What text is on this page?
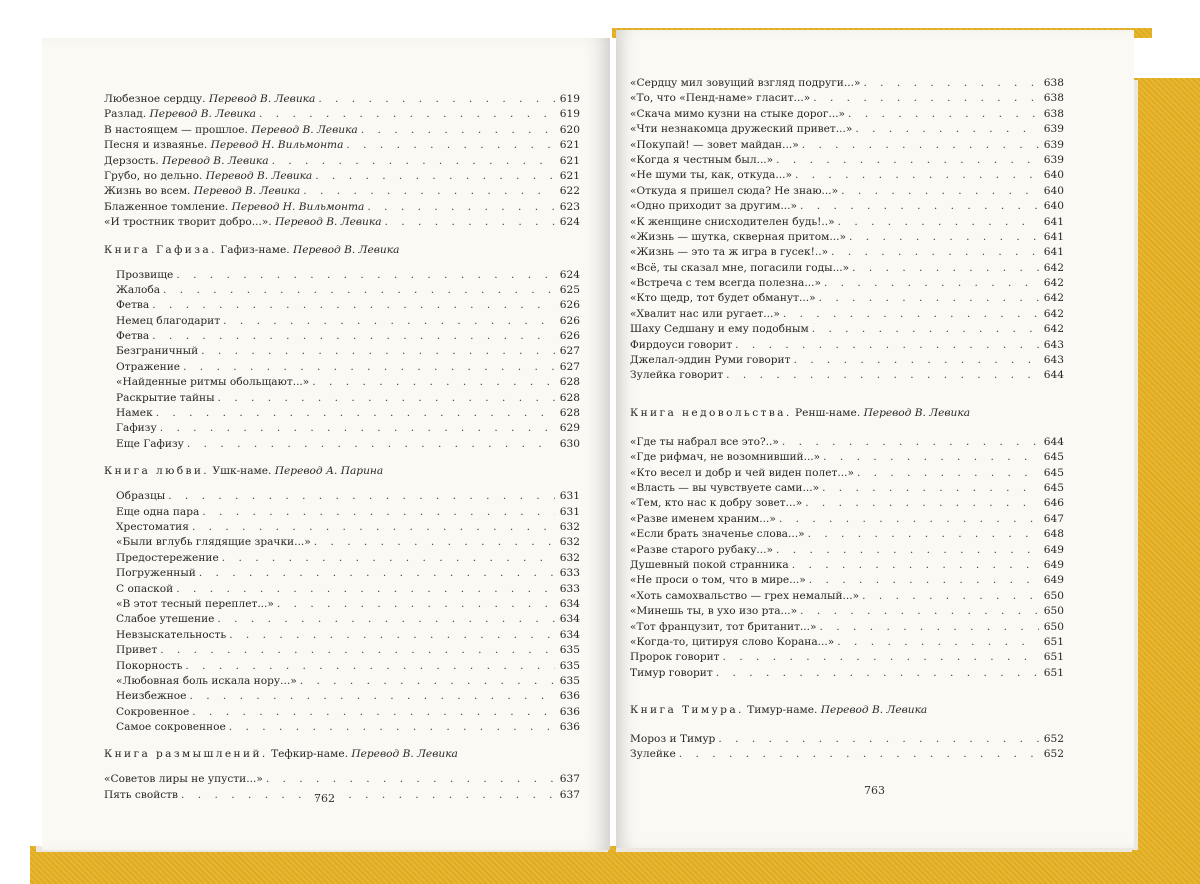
Любезное сердцу. Перевод В. Левика . . .	619
Разлад. Перевод В. Левика . . .	619
В настоящем — прошлое. Перевод В. Левика . . .	620
Песня и изваянье. Перевод Н. Вильмонта . . .	621
Дерзость. Перевод В. Левика . . .	621
Грубо, но дельно. Перевод В. Левика . . .	621
Жизнь во всем. Перевод В. Левика . . .	622
Блаженное томление. Перевод Н. Вильмонта . . .	623
«И тростник творит добро...». Перевод В. Левика . . .	624
Книга Гафиза. Гафиз-наме. Перевод В. Левика
Прозвище . . .	624
Жалоба . . .	625
Фетва . . .	626
Немец благодарит . . .	626
Фетва . . .	626
Безграничный . . .	627
Отражение . . .	627
«Найденные ритмы обольщают...» . . .	628
Раскрытие тайны . . .	628
Намек . . .	628
Гафизу . . .	629
Еще Гафизу . . .	630
Книга любви. Ушк-наме. Перевод А. Парина
Образцы . . .	631
Еще одна пара . . .	631
Хрестоматия . . .	632
«Были вглубь глядящие зрачки...» . . .	632
Предостережение . . .	632
Погруженный . . .	633
С опаской . . .	633
«В этот тесный переплет...» . . .	634
Слабое утешение . . .	634
Невзыскательность . . .	634
Привет . . .	635
Покорность . . .	635
«Любовная боль искала нору...» . . .	635
Неизбежное . . .	636
Сокровенное . . .	636
Самое сокровенное . . .	636
Книга размышлений. Тефкир-наме. Перевод В. Левика
«Советов лиры не упусти...» . . .	637
Пять свойств . . .	637
762
«Сердцу мил зовущий взгляд подруги...» . . .	638
«То, что «Пенд-наме» гласит...» . . .	638
«Скача мимо кузни на стыке дорог...» . . .	638
«Чти незнакомца дружеский привет...» . . .	639
«Покупай! — зовет майдан...» . . .	639
«Когда я честным был...» . . .	639
«Не шуми ты, как, откуда...» . . .	640
«Откуда я пришел сюда? Не знаю...» . . .	640
«Одно приходит за другим...» . . .	640
«К женщине снисходителен будь!..» . . .	641
«Жизнь — шутка, скверная притом...» . . .	641
«Жизнь — это та ж игра в гусек!..» . . .	641
«Всё, ты сказал мне, погасили годы...» . . .	642
«Встреча с тем всегда полезна...» . . .	642
«Кто щедр, тот будет обманут...» . . .	642
«Хвалит нас или ругает...» . . .	642
Шаху Седшану и ему подобным . . .	642
Фирдоуси говорит . . .	643
Джелал-эддин Руми говорит . . .	643
Зулейка говорит . . .	644
Книга недовольства. Ренш-наме. Перевод В. Левика
«Где ты набрал все это?..» . . .	644
«Где рифмач, не возомнивший...» . . .	645
«Кто весел и добр и чей виден полет...» . . .	645
«Власть — вы чувствуете сами...» . . .	645
«Тем, кто нас к добру зовет...» . . .	646
«Разве именем храним...» . . .	647
«Если брать значенье слова...» . . .	648
«Разве старого рубаку...» . . .	649
Душевный покой странника . . .	649
«Не проси о том, что в мире...» . . .	649
«Хоть самохвальство — грех немалый...» . . .	650
«Минешь ты, в ухо изо рта...» . . .	650
«Тот французит, тот британит...» . . .	650
«Когда-то, цитируя слово Корана...» . . .	651
Пророк говорит . . .	651
Тимур говорит . . .	651
Книга Тимура. Тимур-наме. Перевод В. Левика
Мороз и Тимур . . .	652
Зулейке . . .	652
763
